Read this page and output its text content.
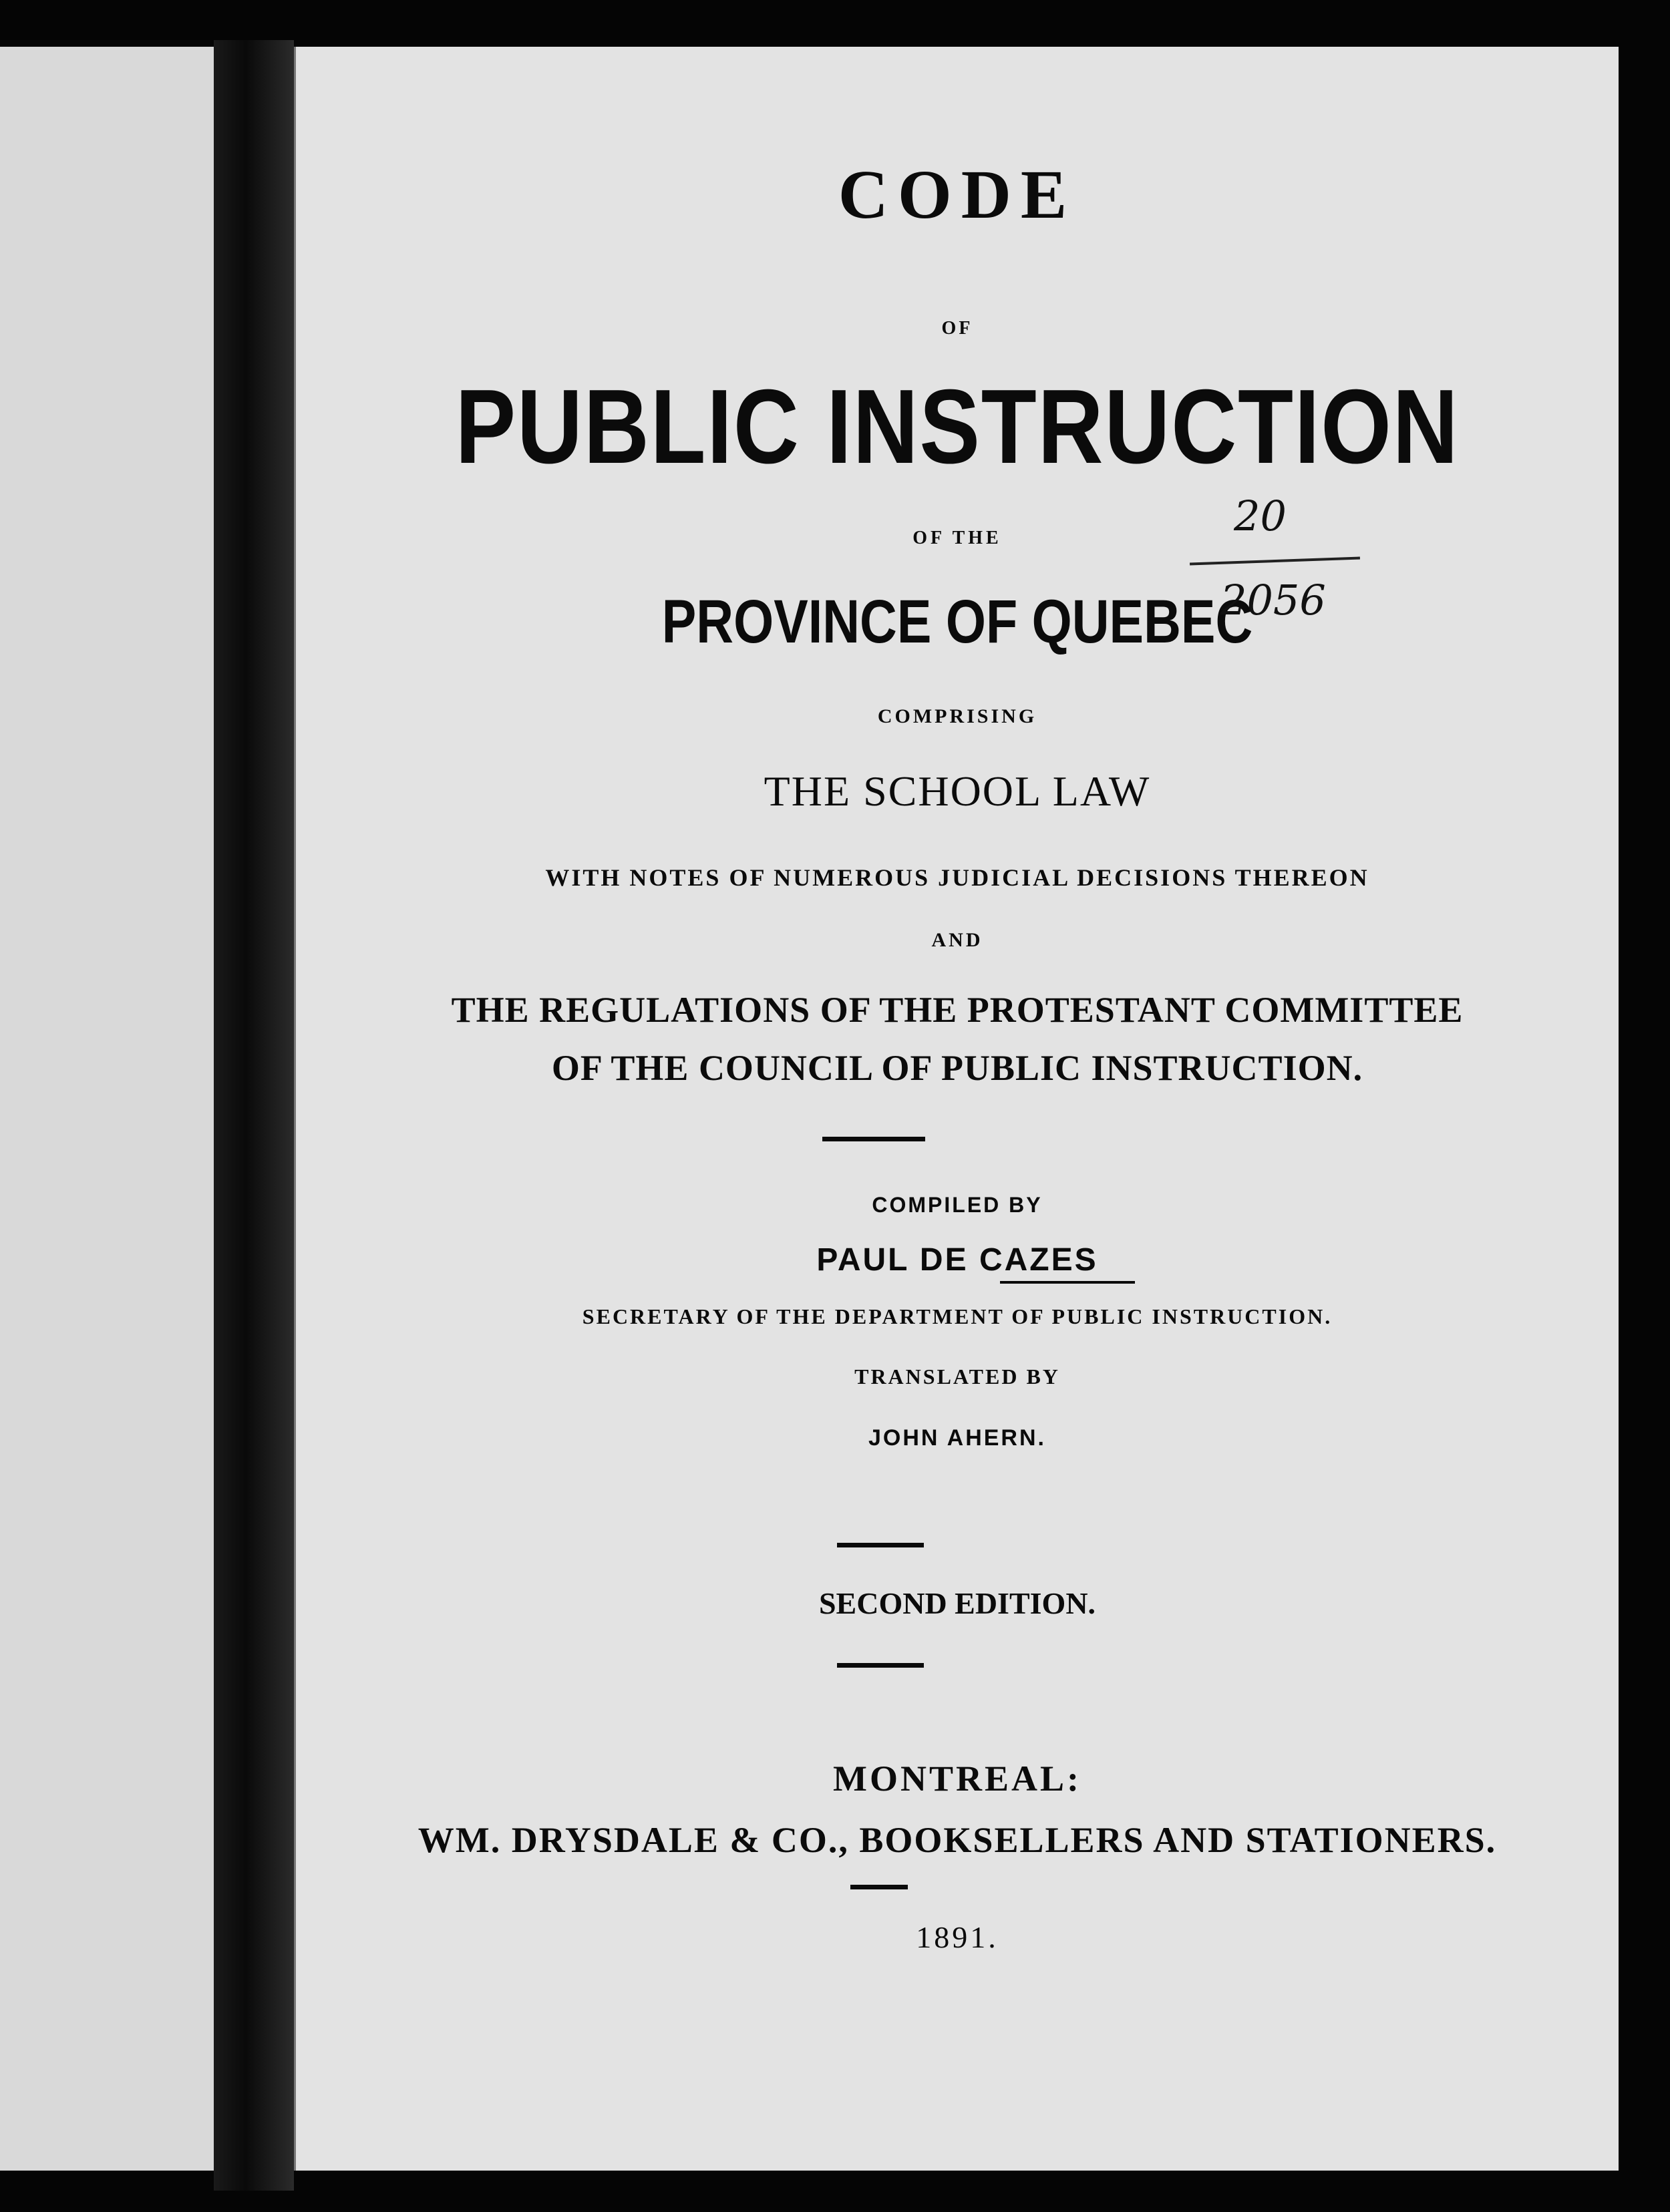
CODE
OF
PUBLIC INSTRUCTION
OF THE
PROVINCE OF QUEBEC
20
2056
COMPRISING
THE SCHOOL LAW
WITH NOTES OF NUMEROUS JUDICIAL DECISIONS THEREON
AND
THE REGULATIONS OF THE PROTESTANT COMMITTEE
OF THE COUNCIL OF PUBLIC INSTRUCTION.
COMPILED BY
PAUL DE CAZES
SECRETARY OF THE DEPARTMENT OF PUBLIC INSTRUCTION.
TRANSLATED BY
JOHN AHERN.
SECOND EDITION.
MONTREAL:
WM. DRYSDALE & CO., BOOKSELLERS AND STATIONERS.
1891.
